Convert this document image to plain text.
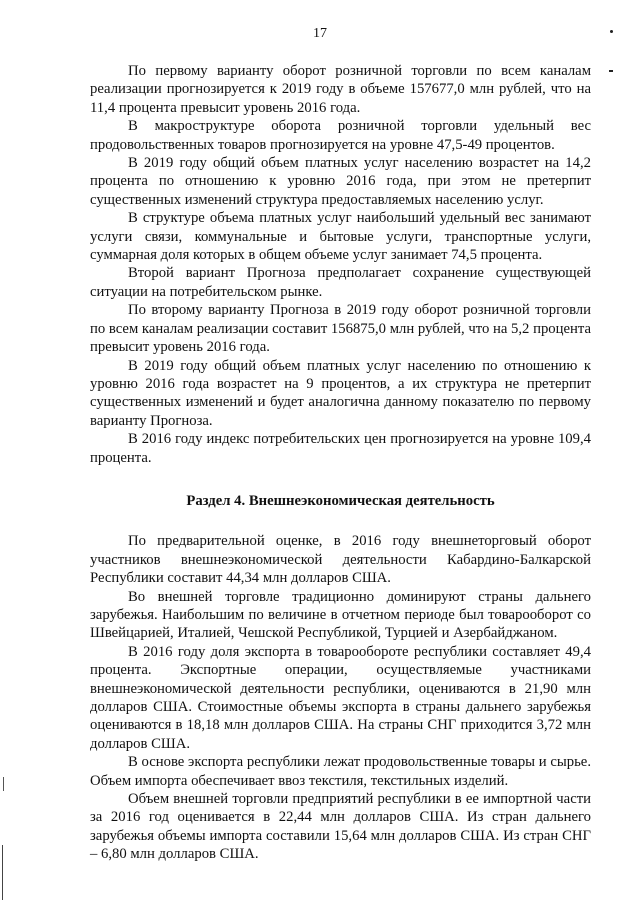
17

По первому варианту оборот розничной торговли по всем каналам реализации прогнозируется к 2019 году в объеме 157677,0 млн рублей, что на 11,4 процента превысит уровень 2016 года.

В макроструктуре оборота розничной торговли удельный вес продовольственных товаров прогнозируется на уровне 47,5-49 процентов.

В 2019 году общий объем платных услуг населению возрастет на 14,2 процента по отношению к уровню 2016 года, при этом не претерпит существенных изменений структура предоставляемых населению услуг.

В структуре объема платных услуг наибольший удельный вес занимают услуги связи, коммунальные и бытовые услуги, транспортные услуги, суммарная доля которых в общем объеме услуг занимает 74,5 процента.

Второй вариант Прогноза предполагает сохранение существующей ситуации на потребительском рынке.

По второму варианту Прогноза в 2019 году оборот розничной торговли по всем каналам реализации составит 156875,0 млн рублей, что на 5,2 процента превысит уровень 2016 года.

В 2019 году общий объем платных услуг населению по отношению к уровню 2016 года возрастет на 9 процентов, а их структура не претерпит существенных изменений и будет аналогична данному показателю по первому варианту Прогноза.

В 2016 году индекс потребительских цен прогнозируется на уровне 109,4 процента.

Раздел 4. Внешнеэкономическая деятельность

По предварительной оценке, в 2016 году внешнеторговый оборот участников внешнеэкономической деятельности Кабардино-Балкарской Республики составит 44,34 млн долларов США.

Во внешней торговле традиционно доминируют страны дальнего зарубежья. Наибольшим по величине в отчетном периоде был товарооборот со Швейцарией, Италией, Чешской Республикой, Турцией и Азербайджаном.

В 2016 году доля экспорта в товарообороте республики составляет 49,4 процента. Экспортные операции, осуществляемые участниками внешнеэкономической деятельности республики, оцениваются в 21,90 млн долларов США. Стоимостные объемы экспорта в страны дальнего зарубежья оцениваются в 18,18 млн долларов США. На страны СНГ приходится 3,72 млн долларов США.

В основе экспорта республики лежат продовольственные товары и сырье. Объем импорта обеспечивает ввоз текстиля, текстильных изделий.

Объем внешней торговли предприятий республики в ее импортной части за 2016 год оценивается в 22,44 млн долларов США. Из стран дальнего зарубежья объемы импорта составили 15,64 млн долларов США. Из стран СНГ – 6,80 млн долларов США.
